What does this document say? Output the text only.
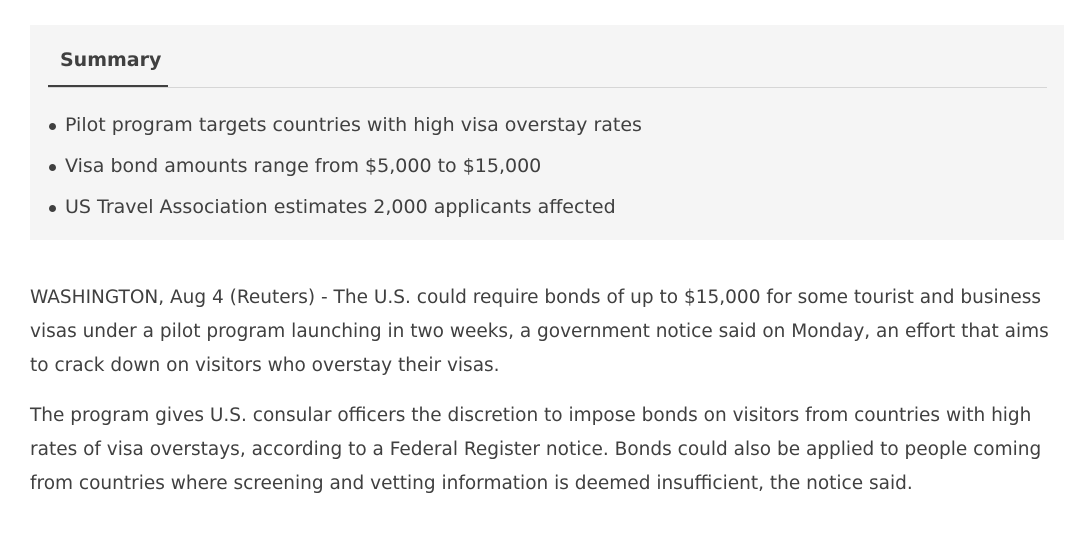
Summary
Pilot program targets countries with high visa overstay rates
Visa bond amounts range from $5,000 to $15,000
US Travel Association estimates 2,000 applicants affected

WASHINGTON, Aug 4 (Reuters) - The U.S. could require bonds of up to $15,000 for some tourist and business visas under a pilot program launching in two weeks, a government notice said on Monday, an effort that aims to crack down on visitors who overstay their visas.

The program gives U.S. consular officers the discretion to impose bonds on visitors from countries with high rates of visa overstays, according to a Federal Register notice. Bonds could also be applied to people coming from countries where screening and vetting information is deemed insufficient, the notice said.
